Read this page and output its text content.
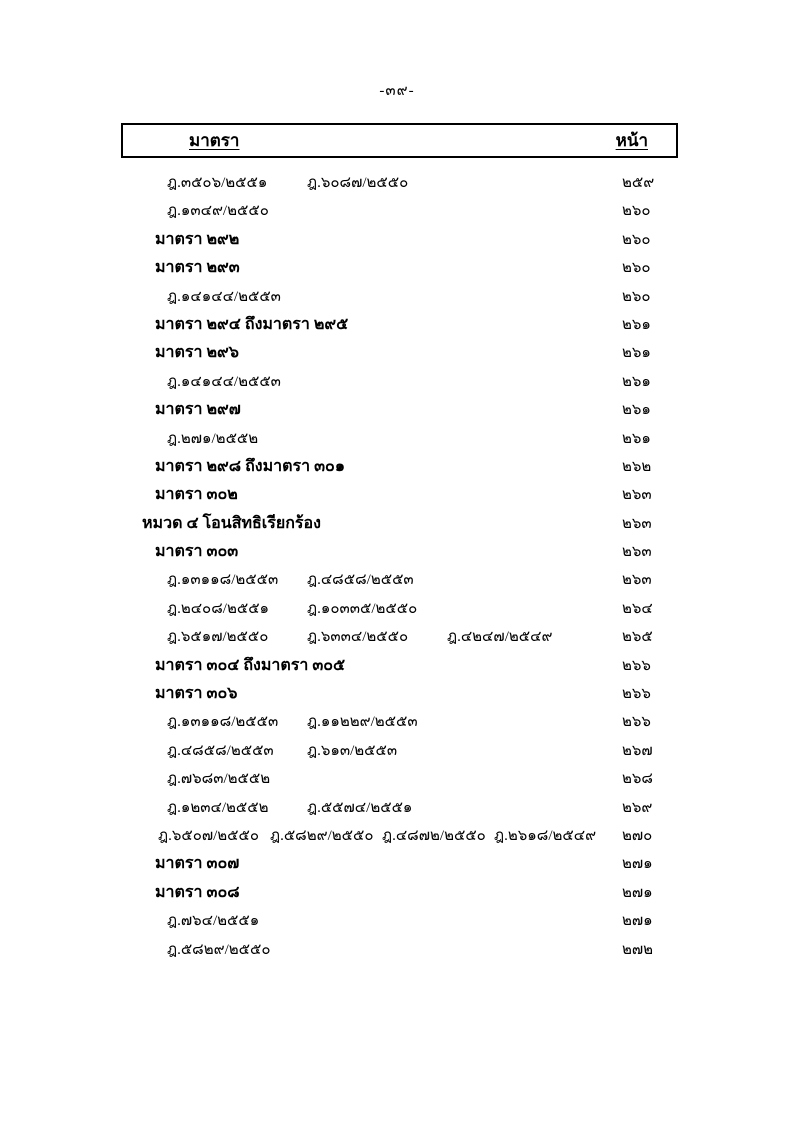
-๓๙-
มาตรา	หน้า
ฎ.๓๕๐๖/๒๕๕๑	ฎ.๖๐๘๗/๒๕๕๐	๒๕๙
ฎ.๑๓๔๙/๒๕๕๐	๒๖๐
มาตรา ๒๙๒	๒๖๐
มาตรา ๒๙๓	๒๖๐
ฎ.๑๔๑๔๔/๒๕๕๓	๒๖๐
มาตรา ๒๙๔ ถึงมาตรา ๒๙๕	๒๖๑
มาตรา ๒๙๖	๒๖๑
ฎ.๑๔๑๔๔/๒๕๕๓	๒๖๑
มาตรา ๒๙๗	๒๖๑
ฎ.๒๗๑/๒๕๕๒	๒๖๑
มาตรา ๒๙๘ ถึงมาตรา ๓๐๑	๒๖๒
มาตรา ๓๐๒	๒๖๓
หมวด ๔ โอนสิทธิเรียกร้อง	๒๖๓
มาตรา ๓๐๓	๒๖๓
ฎ.๑๓๑๑๘/๒๕๕๓ ฎ.๔๘๕๘/๒๕๕๓	๒๖๓
ฎ.๒๔๐๘/๒๕๕๑	ฎ.๑๐๓๓๕/๒๕๕๐	๒๖๔
ฎ.๖๕๑๗/๒๕๕๐	ฎ.๖๓๓๔/๒๕๕๐	ฎ.๔๒๔๗/๒๕๔๙	๒๖๕
มาตรา ๓๐๔ ถึงมาตรา ๓๐๕	๒๖๖
มาตรา ๓๐๖	๒๖๖
ฎ.๑๓๑๑๘/๒๕๕๓ ฎ.๑๑๒๒๙/๒๕๕๓	๒๖๖
ฎ.๔๘๕๘/๒๕๕๓ ฎ.๖๑๓/๒๕๕๓	๒๖๗
ฎ.๗๖๘๓/๒๕๕๒	๒๖๘
ฎ.๑๒๓๔/๒๕๕๒	ฎ.๕๕๗๔/๒๕๕๑	๒๖๙
ฎ.๖๕๐๗/๒๕๕๐ ฎ.๕๘๒๙/๒๕๕๐ ฎ.๔๘๗๒/๒๕๕๐ ฎ.๒๖๑๘/๒๕๔๙	๒๗๐
มาตรา ๓๐๗	๒๗๑
มาตรา ๓๐๘	๒๗๑
ฎ.๗๖๔/๒๕๕๑	๒๗๑
ฎ.๕๘๒๙/๒๕๕๐	๒๗๒
